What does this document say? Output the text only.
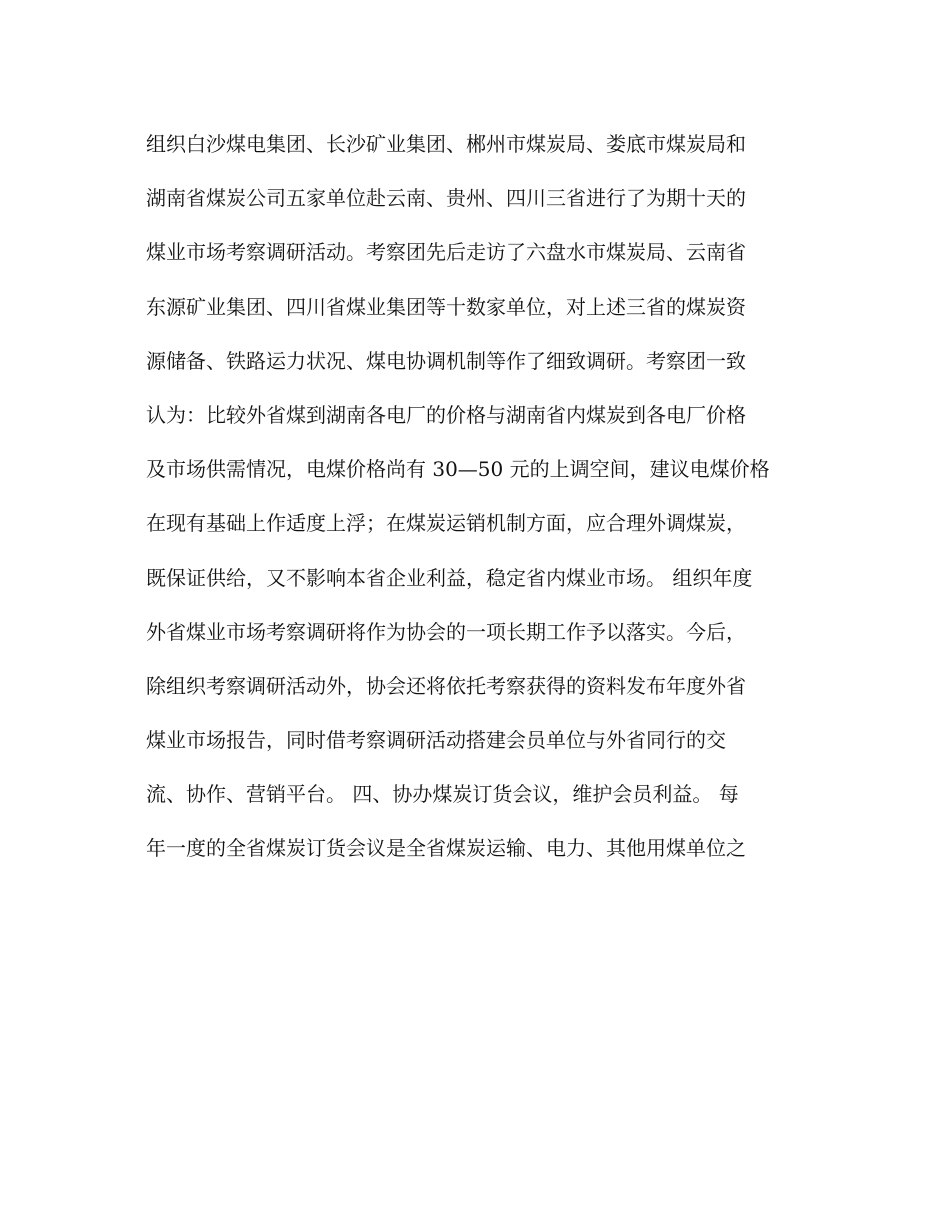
组织白沙煤电集团、长沙矿业集团、郴州市煤炭局、娄底市煤炭局和
湖南省煤炭公司五家单位赴云南、贵州、四川三省进行了为期十天的
煤业市场考察调研活动。考察团先后走访了六盘水市煤炭局、云南省
东源矿业集团、四川省煤业集团等十数家单位，对上述三省的煤炭资
源储备、铁路运力状况、煤电协调机制等作了细致调研。考察团一致
认为：比较外省煤到湖南各电厂的价格与湖南省内煤炭到各电厂价格
及市场供需情况，电煤价格尚有 30—50 元的上调空间，建议电煤价格
在现有基础上作适度上浮；在煤炭运销机制方面，应合理外调煤炭，
既保证供给，又不影响本省企业利益，稳定省内煤业市场。 组织年度
外省煤业市场考察调研将作为协会的一项长期工作予以落实。今后，
除组织考察调研活动外，协会还将依托考察获得的资料发布年度外省
煤业市场报告，同时借考察调研活动搭建会员单位与外省同行的交
流、协作、营销平台。 四、协办煤炭订货会议，维护会员利益。 每
年一度的全省煤炭订货会议是全省煤炭运输、电力、其他用煤单位之
